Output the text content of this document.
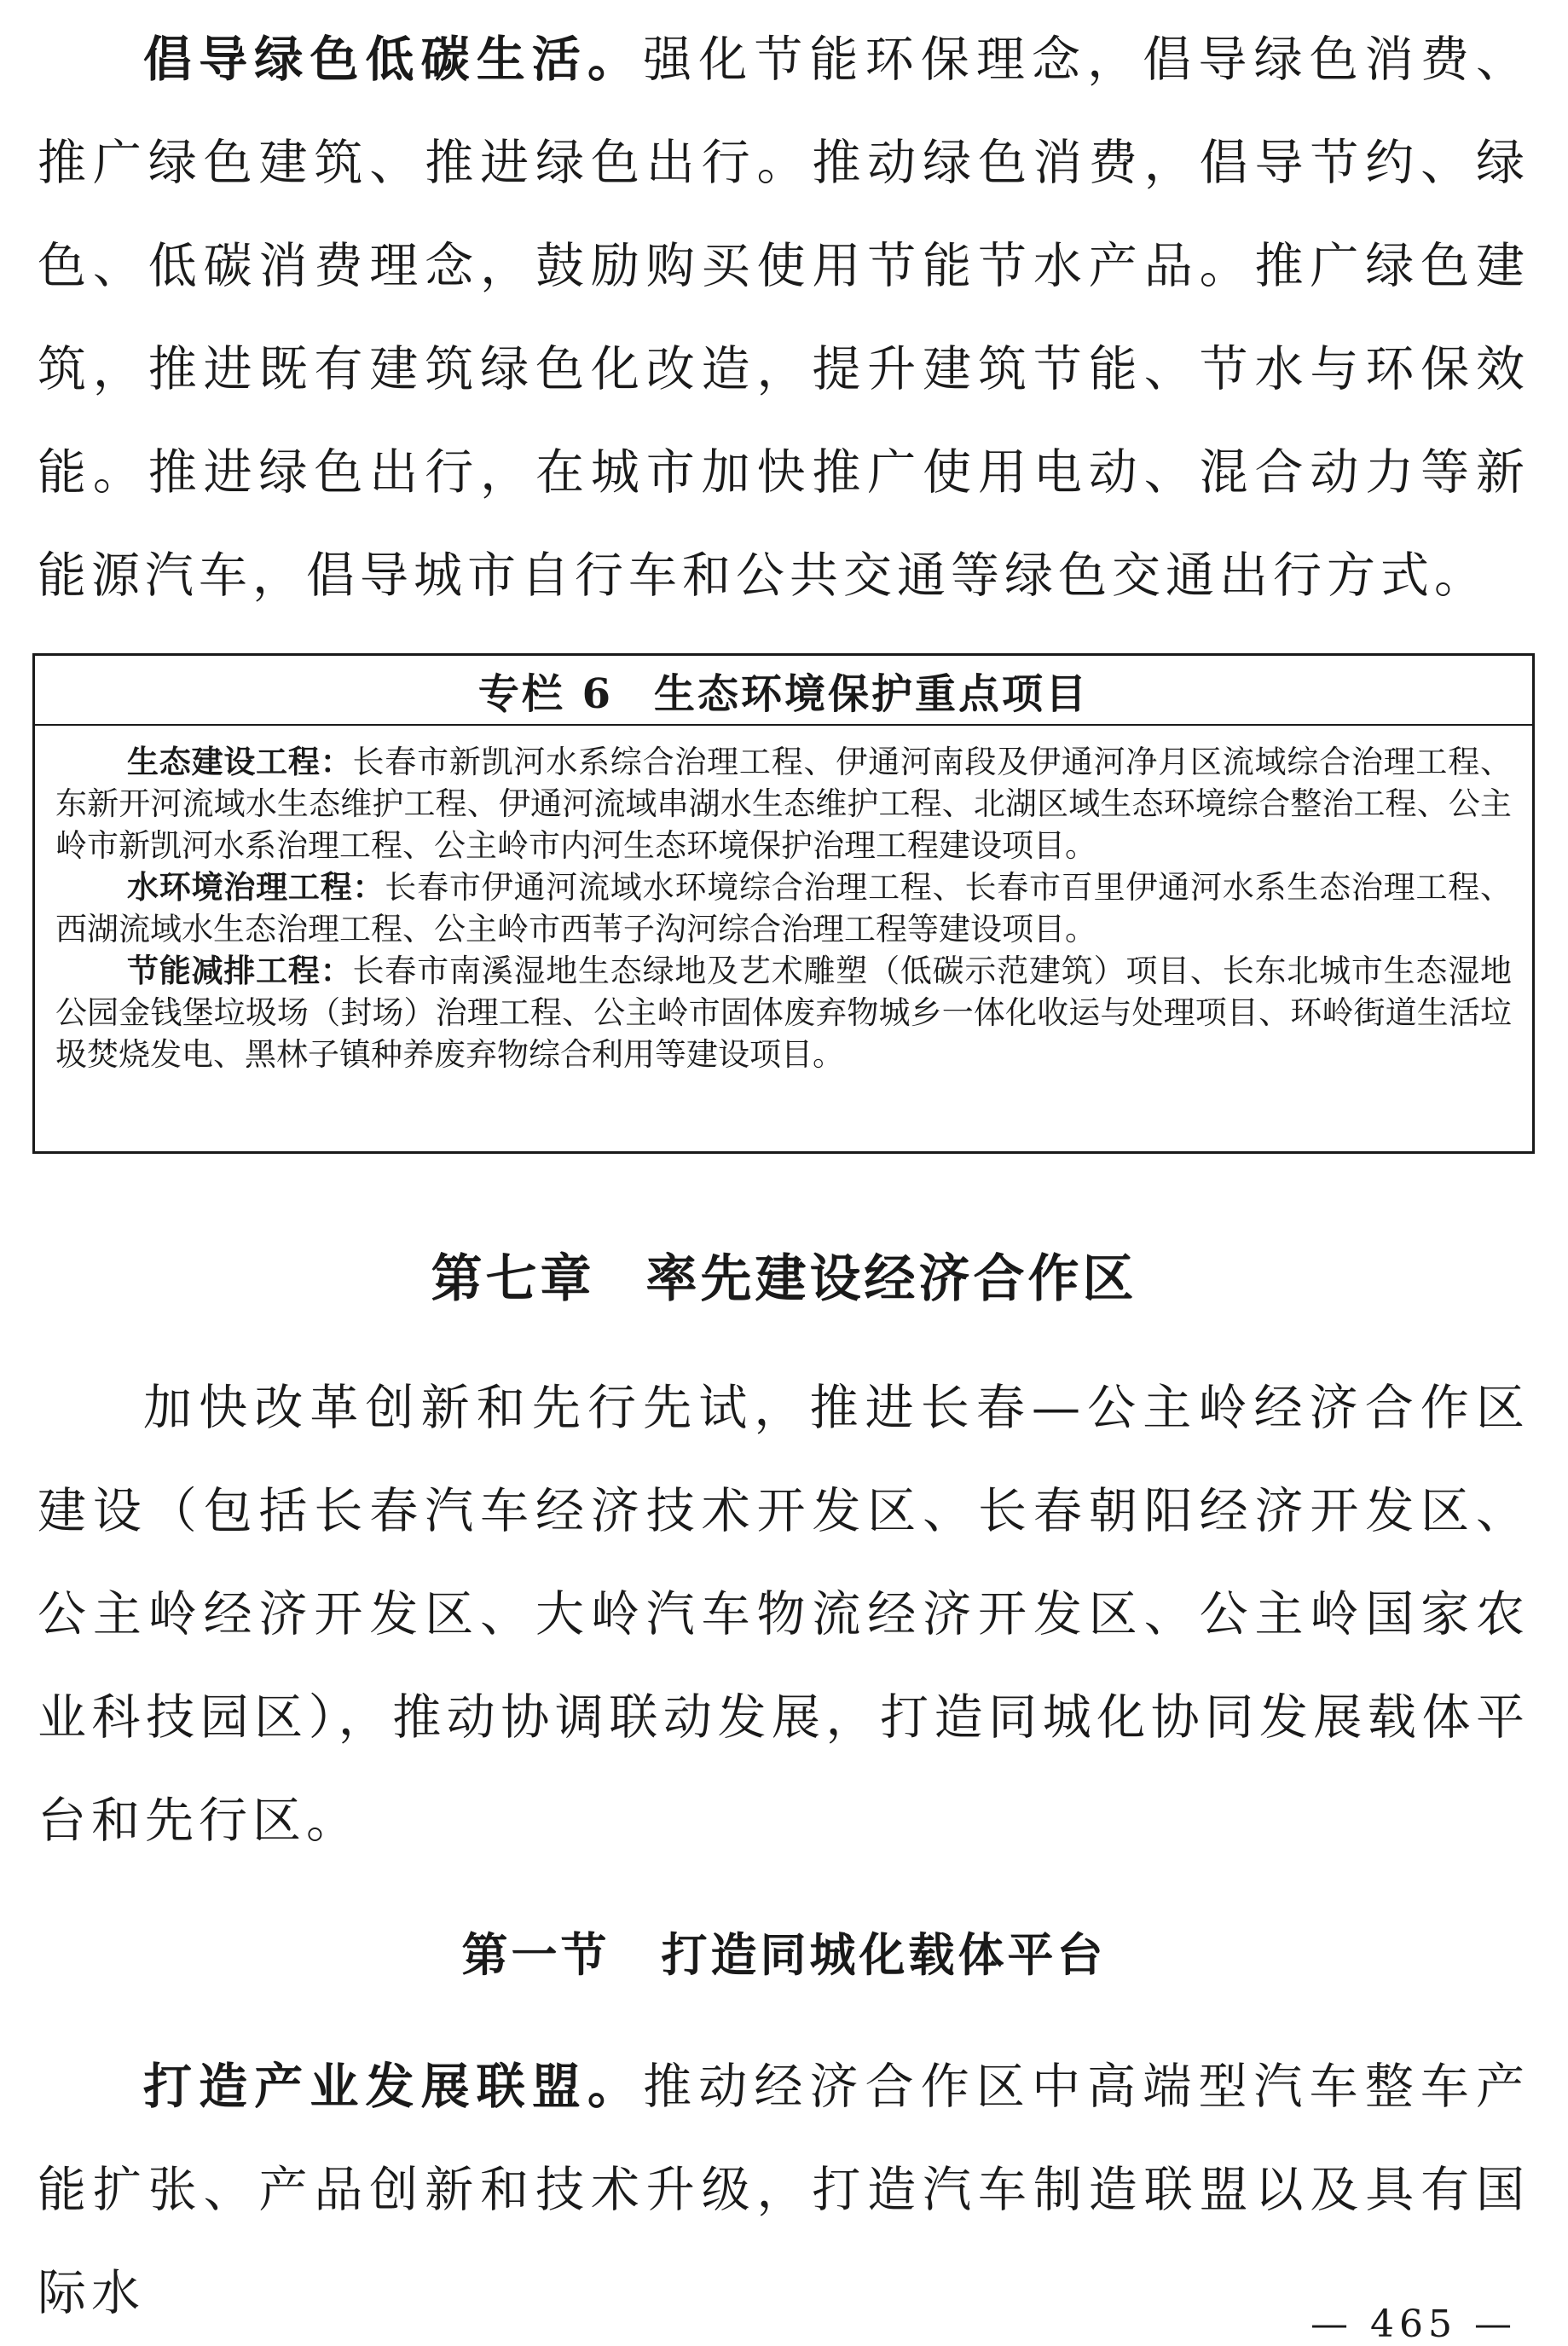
倡导绿色低碳生活。强化节能环保理念，倡导绿色消费、推广绿色建筑、推进绿色出行。推动绿色消费，倡导节约、绿色、低碳消费理念，鼓励购买使用节能节水产品。推广绿色建筑，推进既有建筑绿色化改造，提升建筑节能、节水与环保效能。推进绿色出行，在城市加快推广使用电动、混合动力等新能源汽车，倡导城市自行车和公共交通等绿色交通出行方式。

专栏 6 生态环境保护重点项目

生态建设工程：长春市新凯河水系综合治理工程、伊通河南段及伊通河净月区流域综合治理工程、东新开河流域水生态维护工程、伊通河流域串湖水生态维护工程、北湖区域生态环境综合整治工程、公主岭市新凯河水系治理工程、公主岭市内河生态环境保护治理工程建设项目。

水环境治理工程：长春市伊通河流域水环境综合治理工程、长春市百里伊通河水系生态治理工程、西湖流域水生态治理工程、公主岭市西苇子沟河综合治理工程等建设项目。

节能减排工程：长春市南溪湿地生态绿地及艺术雕塑（低碳示范建筑）项目、长东北城市生态湿地公园金钱堡垃圾场（封场）治理工程、公主岭市固体废弃物城乡一体化收运与处理项目、环岭街道生活垃圾焚烧发电、黑林子镇种养废弃物综合利用等建设项目。

第七章 率先建设经济合作区

加快改革创新和先行先试，推进长春—公主岭经济合作区建设（包括长春汽车经济技术开发区、长春朝阳经济开发区、公主岭经济开发区、大岭汽车物流经济开发区、公主岭国家农业科技园区），推动协调联动发展，打造同城化协同发展载体平台和先行区。

第一节 打造同城化载体平台

打造产业发展联盟。推动经济合作区中高端型汽车整车产能扩张、产品创新和技术升级，打造汽车制造联盟以及具有国际水

— 465 —
